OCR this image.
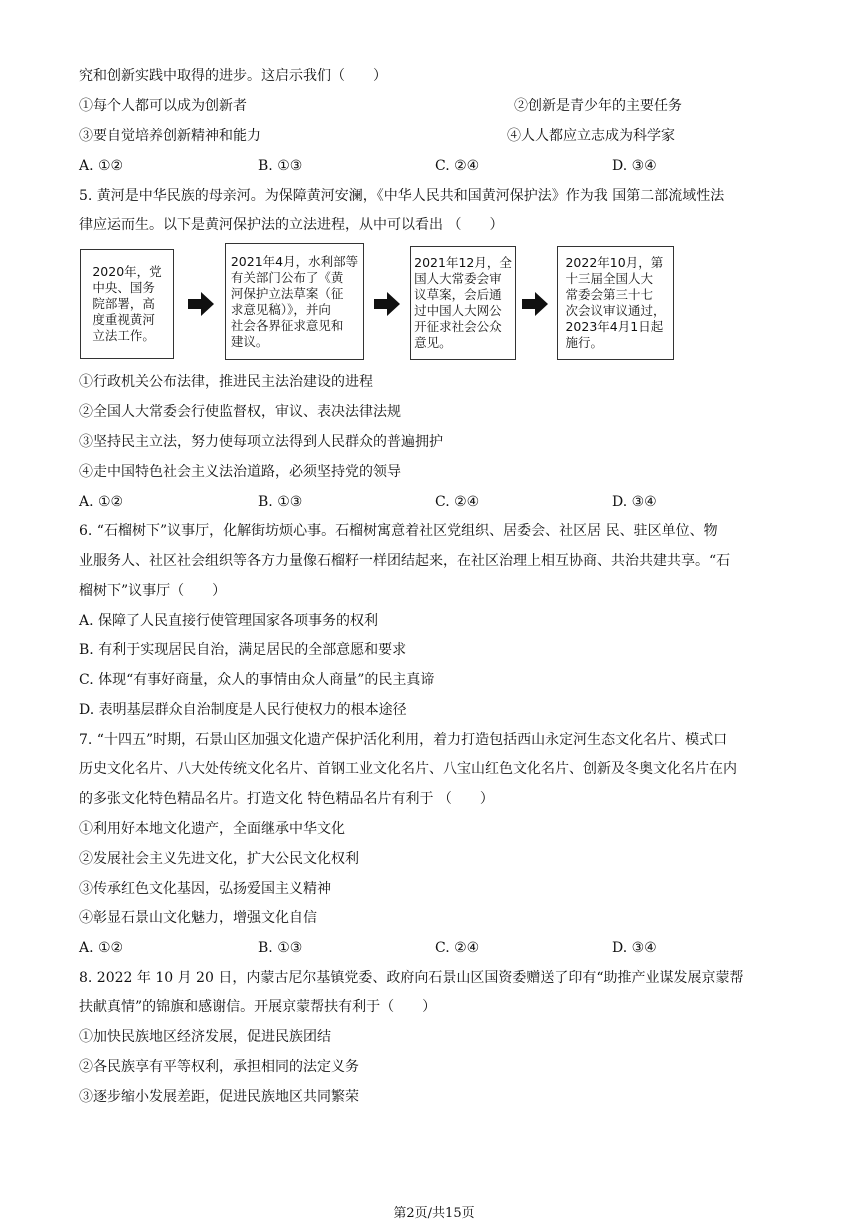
究和创新实践中取得的进步。这启示我们（　　）
①每个人都可以成为创新者	②创新是青少年的主要任务
③要自觉培养创新精神和能力	④人人都应立志成为科学家
A. ①②	B. ①③	C. ②④	D. ③④
5. 黄河是中华民族的母亲河。为保障黄河安澜，《中华人民共和国黄河保护法》作为我 国第二部流域性法
律应运而生。以下是黄河保护法的立法进程，从中可以看出 （　　）
2020年，党
中央、国务
院部署，高
度重视黄河
立法工作。
2021年4月，水利部等
有关部门公布了《黄
河保护立法草案（征
求意见稿）》，并向
社会各界征求意见和
建议。
2021年12月，全
国人大常委会审
议草案，会后通
过中国人大网公
开征求社会公众
意见。
2022年10月，第
十三届全国人大
常委会第三十七
次会议审议通过，
2023年4月1日起
施行。
①行政机关公布法律，推进民主法治建设的进程
②全国人大常委会行使监督权，审议、表决法律法规
③坚持民主立法，努力使每项立法得到人民群众的普遍拥护
④走中国特色社会主义法治道路，必须坚持党的领导
A. ①②	B. ①③	C. ②④	D. ③④
6. “石榴树下”议事厅，化解街坊烦心事。石榴树寓意着社区党组织、居委会、社区居 民、驻区单位、物
业服务人、社区社会组织等各方力量像石榴籽一样团结起来，在社区治理上相互协商、共治共建共享。“石
榴树下”议事厅（　　）
A. 保障了人民直接行使管理国家各项事务的权利
B. 有利于实现居民自治，满足居民的全部意愿和要求
C. 体现“有事好商量，众人的事情由众人商量”的民主真谛
D. 表明基层群众自治制度是人民行使权力的根本途径
7. “十四五”时期，石景山区加强文化遗产保护活化利用，着力打造包括西山永定河生态文化名片、模式口
历史文化名片、八大处传统文化名片、首钢工业文化名片、八宝山红色文化名片、创新及冬奥文化名片在内
的多张文化特色精品名片。打造文化 特色精品名片有利于 （　　）
①利用好本地文化遗产，全面继承中华文化
②发展社会主义先进文化，扩大公民文化权利
③传承红色文化基因，弘扬爱国主义精神
④彰显石景山文化魅力，增强文化自信
A. ①②	B. ①③	C. ②④	D. ③④
8. 2022 年 10 月 20 日，内蒙古尼尔基镇党委、政府向石景山区国资委赠送了印有“助推产业谋发展京蒙帮
扶献真情”的锦旗和感谢信。开展京蒙帮扶有利于（　　）
①加快民族地区经济发展，促进民族团结
②各民族享有平等权利，承担相同的法定义务
③逐步缩小发展差距，促进民族地区共同繁荣
第2页/共15页
